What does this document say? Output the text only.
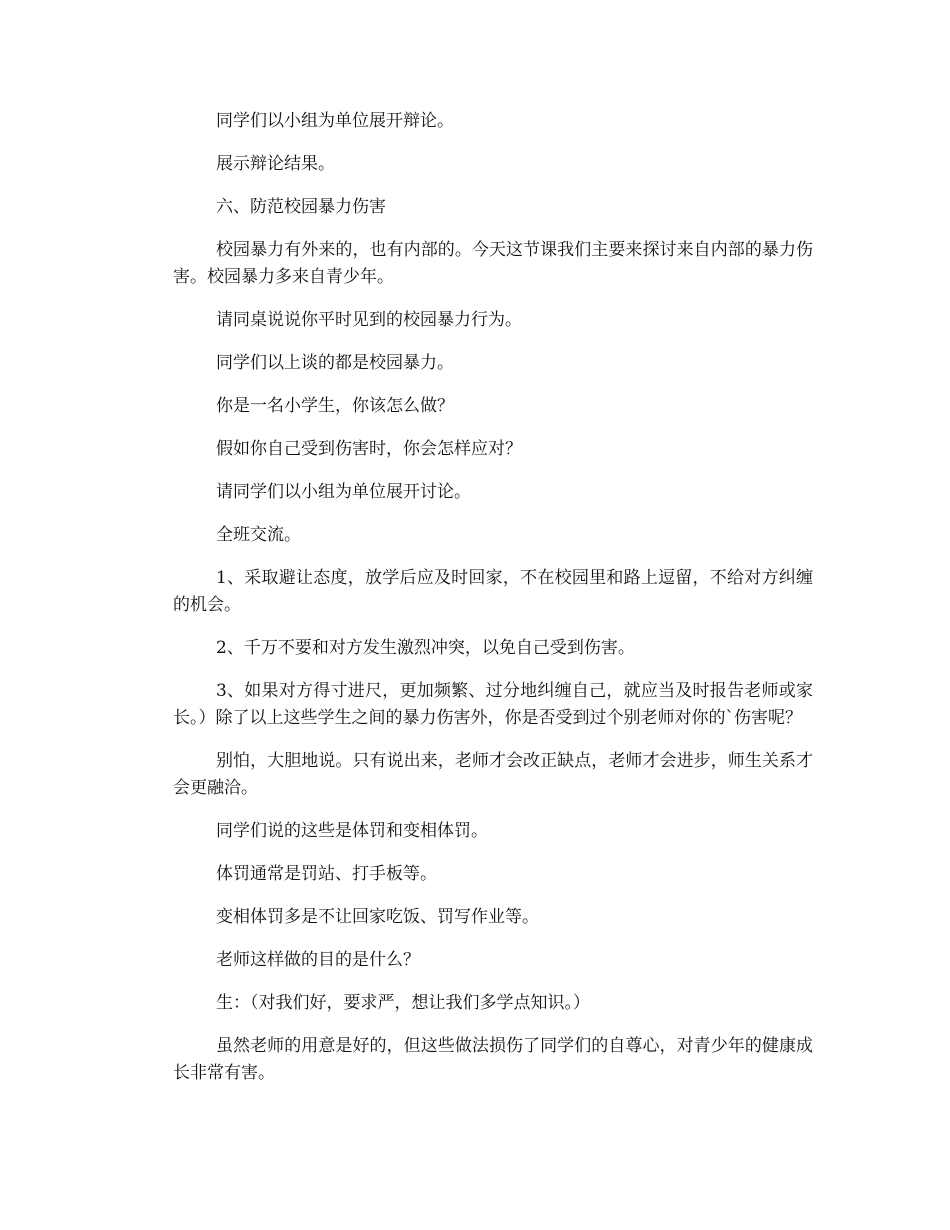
同学们以小组为单位展开辩论。

展示辩论结果。

六、防范校园暴力伤害

校园暴力有外来的，也有内部的。今天这节课我们主要来探讨来自内部的暴力伤害。校园暴力多来自青少年。

请同桌说说你平时见到的校园暴力行为。

同学们以上谈的都是校园暴力。

你是一名小学生，你该怎么做？

假如你自己受到伤害时，你会怎样应对？

请同学们以小组为单位展开讨论。

全班交流。

1、采取避让态度，放学后应及时回家，不在校园里和路上逗留，不给对方纠缠的机会。

2、千万不要和对方发生激烈冲突，以免自己受到伤害。

3、如果对方得寸进尺，更加频繁、过分地纠缠自己，就应当及时报告老师或家长。）除了以上这些学生之间的暴力伤害外，你是否受到过个别老师对你的`伤害呢？

别怕，大胆地说。只有说出来，老师才会改正缺点，老师才会进步，师生关系才会更融洽。

同学们说的这些是体罚和变相体罚。

体罚通常是罚站、打手板等。

变相体罚多是不让回家吃饭、罚写作业等。

老师这样做的目的是什么？

生：（对我们好，要求严，想让我们多学点知识。）

虽然老师的用意是好的，但这些做法损伤了同学们的自尊心，对青少年的健康成长非常有害。
